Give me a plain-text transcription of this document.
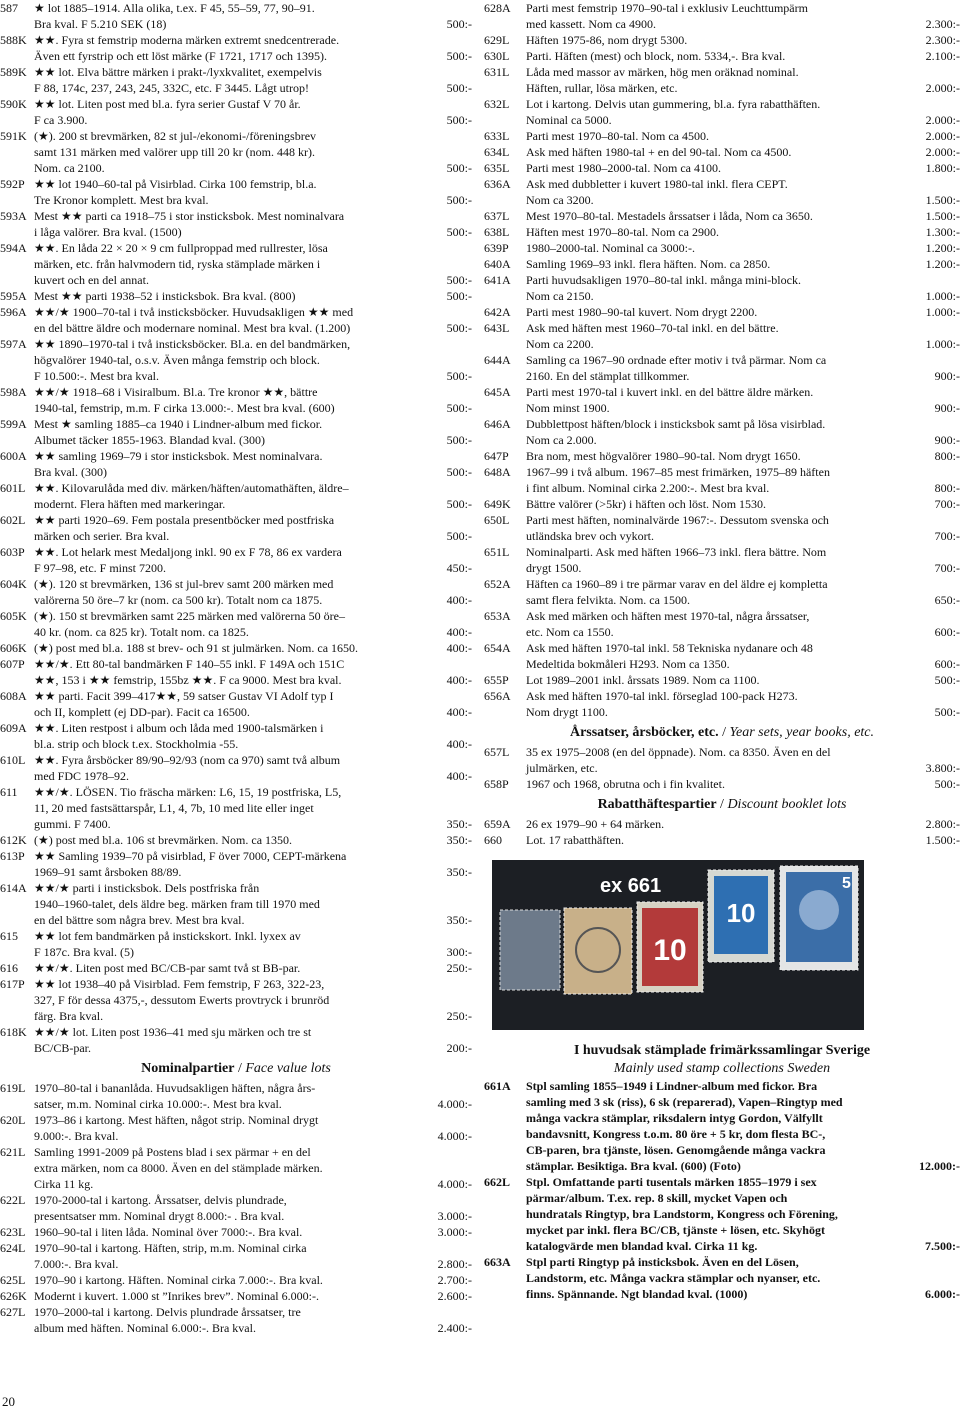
587	★ lot 1885–1914. Alla olika, t.ex. F 45, 55–59, 77, 90–91.
Bra kval. F 5.210 SEK (18)	500:-
588K ★★. Fyra st femstrip moderna märken extremt snedcentrerade.
Även ett fyrstrip och ett löst märke (F 1721, 1717 och 1395).	500:-
589K ★★ lot. Elva bättre märken i prakt-/lyxkvalitet, exempelvis
F 88, 174c, 237, 243, 245, 332C, etc. F 3445. Lågt utrop!	500:-
590K ★★ lot. Liten post med bl.a. fyra serier Gustaf V 70 år.
F ca 3.900.	500:-
591K (★). 200 st brevmärken, 82 st jul-/ekonomi-/föreningsbrev
samt 131 märken med valörer upp till 20 kr (nom. 448 kr).
Nom. ca 2100.	500:-
592P ★★ lot 1940–60-tal på Visirblad. Cirka 100 femstrip, bl.a.
Tre Kronor komplett. Mest bra kval.	500:-
593A Mest ★★ parti ca 1918–75 i stor insticksbok. Mest nominalvara
i låga valörer. Bra kval. (1500)	500:-
594A ★★. En låda 22 × 20 × 9 cm fullproppad med rullrester, lösa
märken, etc. från halvmodern tid, ryska stämplade märken i
kuvert och en del annat.	500:-
595A Mest ★★ parti 1938–52 i insticksbok. Bra kval. (800)	500:-
596A ★★/★ 1900–70-tal i två insticksböcker. Huvudsakligen ★★ med
en del bättre äldre och modernare nominal. Mest bra kval. (1.200)	500:-
597A ★★ 1890–1970-tal i två insticksböcker. Bl.a. en del bandmärken,
högvalörer 1940-tal, o.s.v. Även många femstrip och block.
F 10.500:-. Mest bra kval.	500:-
598A ★★/★ 1918–68 i Visiralbum. Bl.a. Tre kronor ★★, bättre
1940-tal, femstrip, m.m. F cirka 13.000:-. Mest bra kval. (600)	500:-
599A Mest ★ samling 1885–ca 1940 i Lindner-album med fickor.
Albumet täcker 1855-1963. Blandad kval. (300)	500:-
600A ★★ samling 1969–79 i stor insticksbok. Mest nominalvara.
Bra kval. (300)	500:-
601L ★★. Kilovarulåda med div. märken/häften/automathäften, äldre–
modernt. Flera häften med markeringar.	500:-
602L ★★ parti 1920–69. Fem postala presentböcker med postfriska
märken och serier. Bra kval.	500:-
603P ★★. Lot helark mest Medaljong inkl. 90 ex F 78, 86 ex vardera
F 97–98, etc. F minst 7200.	450:-
604K (★). 120 st brevmärken, 136 st jul-brev samt 200 märken med
valörerna 50 öre–7 kr (nom. ca 500 kr). Totalt nom ca 1875.	400:-
605K (★). 150 st brevmärken samt 225 märken med valörerna 50 öre–
40 kr. (nom. ca 825 kr). Totalt nom. ca 1825.	400:-
606K (★) post med bl.a. 188 st brev- och 91 st julmärken. Nom. ca 1650.	400:-
607P ★★/★. Ett 80-tal bandmärken F 140–55 inkl. F 149A och 151C
★★, 153 i ★★ femstrip, 155bz ★★. F ca 9000. Mest bra kval.	400:-
608A ★★ parti. Facit 399–417★★, 59 satser Gustav VI Adolf typ I
och II, komplett (ej DD-par). Facit ca 16500.	400:-
609A ★★. Liten restpost i album och låda med 1900-talsmärken i
bl.a. strip och block t.ex. Stockholmia -55.	400:-
610L ★★. Fyra årsböcker 89/90–92/93 (nom ca 970) samt två album
med FDC 1978–92.	400:-
611	★★/★. LÖSEN. Tio fräscha märken: L6, 15, 19 postfriska, L5,
11, 20 med fastsättarspår, L1, 4, 7b, 10 med lite eller inget
gummi. F 7400.	350:-
612K (★) post med bl.a. 106 st brevmärken. Nom. ca 1350.	350:-
613P ★★ Samling 1939–70 på visirblad, F över 7000, CEPT-märkena
1969–91 samt årsboken 88/89.	350:-
614A ★★/★ parti i insticksbok. Dels postfriska från
1940–1960-talet, dels äldre beg. märken fram till 1970 med
en del bättre som några brev. Mest bra kval.	350:-
615	★★ lot fem bandmärken på instickskort. Inkl. lyxex av
F 187c. Bra kval. (5)	300:-
616	★★/★. Liten post med BC/CB-par samt två st BB-par.	250:-
617P ★★ lot 1938–40 på Visirblad. Fem femstrip, F 263, 322-23,
327, F för dessa 4375,-, dessutom Ewerts provtryck i brunröd
färg. Bra kval.	250:-
618K ★★/★ lot. Liten post 1936–41 med sju märken och tre st
BC/CB-par.	200:-
Nominalpartier / Face value lots
619L 1970–80-tal i bananlåda. Huvudsakligen häften, några års-
satser, m.m. Nominal cirka 10.000:-. Mest bra kval.	4.000:-
620L 1973–86 i kartong. Mest häften, något strip. Nominal drygt
9.000:-. Bra kval.	4.000:-
621L Samling 1991-2009 på Postens blad i sex pärmar + en del
extra märken, nom ca 8000. Även en del stämplade märken.
Cirka 11 kg.	4.000:-
622L 1970-2000-tal i kartong. Årssatser, delvis plundrade,
presentsatser mm. Nominal drygt 8.000:- . Bra kval.	3.000:-
623L 1960–90-tal i liten låda. Nominal över 7000:-. Bra kval.	3.000:-
624L 1970–90-tal i kartong. Häften, strip, m.m. Nominal cirka
7.000:-. Bra kval.	2.800:-
625L 1970–90 i kartong. Häften. Nominal cirka 7.000:-. Bra kval.	2.700:-
626K Modernt i kuvert. 1.000 st ”Inrikes brev”. Nominal 6.000:-.	2.600:-
627L 1970–2000-tal i kartong. Delvis plundrade årssatser, tre
album med häften. Nominal 6.000:-. Bra kval.	2.400:-
628A	Parti mest femstrip 1970–90-tal i exklusiv Leuchttumpärm
med kassett. Nom ca 4900.	2.300:-
629L	Häften 1975-86, nom drygt 5300.	2.300:-
630L	Parti. Häften (mest) och block, nom. 5334,-. Bra kval.	2.100:-
631L	Låda med massor av märken, hög men oräknad nominal.
Häften, rullar, lösa märken, etc.	2.000:-
632L	Lot i kartong. Delvis utan gummering, bl.a. fyra rabatthäften.
Nominal ca 5000.	2.000:-
633L	Parti mest 1970–80-tal. Nom ca 4500.	2.000:-
634L	Ask med häften 1980-tal + en del 90-tal. Nom ca 4500.	2.000:-
635L	Parti mest 1980–2000-tal. Nom ca 4100.	1.800:-
636A	Ask med dubbletter i kuvert 1980-tal inkl. flera CEPT.
Nom ca 3200.	1.500:-
637L	Mest 1970–80-tal. Mestadels årssatser i låda, Nom ca 3650.	1.500:-
638L	Häften mest 1970–80-tal. Nom ca 2900.	1.300:-
639P	1980–2000-tal. Nominal ca 3000:-.	1.200:-
640A	Samling 1969–93 inkl. flera häften. Nom. ca 2850.	1.200:-
641A	Parti huvudsakligen 1970–80-tal inkl. många mini-block.
Nom ca 2150.	1.000:-
642A	Parti mest 1980–90-tal kuvert. Nom drygt 2200.	1.000:-
643L	Ask med häften mest 1960–70-tal inkl. en del bättre.
Nom ca 2200.	1.000:-
644A	Samling ca 1967–90 ordnade efter motiv i två pärmar. Nom ca
2160. En del stämplat tillkommer.	900:-
645A	Parti mest 1970-tal i kuvert inkl. en del bättre äldre märken.
Nom minst 1900.	900:-
646A	Dubblettpost häften/block i insticksbok samt på lösa visirblad.
Nom ca 2.000.	900:-
647P	Bra nom, mest högvalörer 1980–90-tal. Nom drygt 1650.	800:-
648A	1967–99 i två album. 1967–85 mest frimärken, 1975–89 häften
i fint album. Nominal cirka 2.200:-. Mest bra kval.	800:-
649K	Bättre valörer (>5kr) i häften och löst. Nom 1530.	700:-
650L	Parti mest häften, nominalvärde 1967:-. Dessutom svenska och
utländska brev och vykort.	700:-
651L	Nominalparti. Ask med häften 1966–73 inkl. flera bättre. Nom
drygt 1500.	700:-
652A	Häften ca 1960–89 i tre pärmar varav en del äldre ej kompletta
samt flera felvikta. Nom. ca 1500.	650:-
653A	Ask med märken och häften mest 1970-tal, några årssatser,
etc. Nom ca 1550.	600:-
654A	Ask med häften 1970-tal inkl. 58 Tekniska nydanare och 48
Medeltida bokmåleri H293. Nom ca 1350.	600:-
655P	Lot 1989–2001 inkl. årssats 1989. Nom ca 1100.	500:-
656A	Ask med häften 1970-tal inkl. förseglad 100-pack H273.
Nom drygt 1100.	500:-
Årssatser, årsböcker, etc. / Year sets, year books, etc.
657L	35 ex 1975–2008 (en del öppnade). Nom. ca 8350. Även en del
julmärken, etc.	3.800:-
658P	1967 och 1968, obrutna och i fin kvalitet.	500:-
Rabatthäftespartier / Discount booklet lots
659A	26 ex 1979–90 + 64 märken.	2.800:-
660	Lot. 17 rabatthäften.	1.500:-
10
10
5
ex 661
I huvudsak stämplade frimärkssamlingar Sverige
Mainly used stamp collections Sweden
661A	Stpl samling 1855–1949 i Lindner-album med fickor. Bra
samling med 3 sk (riss), 6 sk (reparerad), Vapen–Ringtyp med
många vackra stämplar, riksdalern intyg Gordon, Välfyllt
bandavsnitt, Kongress t.o.m. 80 öre + 5 kr, dom flesta BC-,
CB-paren, bra tjänste, lösen. Genomgående många vackra
stämplar. Besiktiga. Bra kval. (600) (Foto)	12.000:-
662L	Stpl. Omfattande parti tusentals märken 1855–1979 i sex
pärmar/album. T.ex. rep. 8 skill, mycket Vapen och
hundratals Ringtyp, bra Landstorm, Kongress och Förening,
mycket par inkl. flera BC/CB, tjänste + lösen, etc. Skyhögt
katalogvärde men blandad kval. Cirka 11 kg.	7.500:-
663A	Stpl parti Ringtyp på insticksbok. Även en del Lösen,
Landstorm, etc. Många vackra stämplar och nyanser, etc.
finns. Spännande. Ngt blandad kval. (1000)	6.000:-
20
